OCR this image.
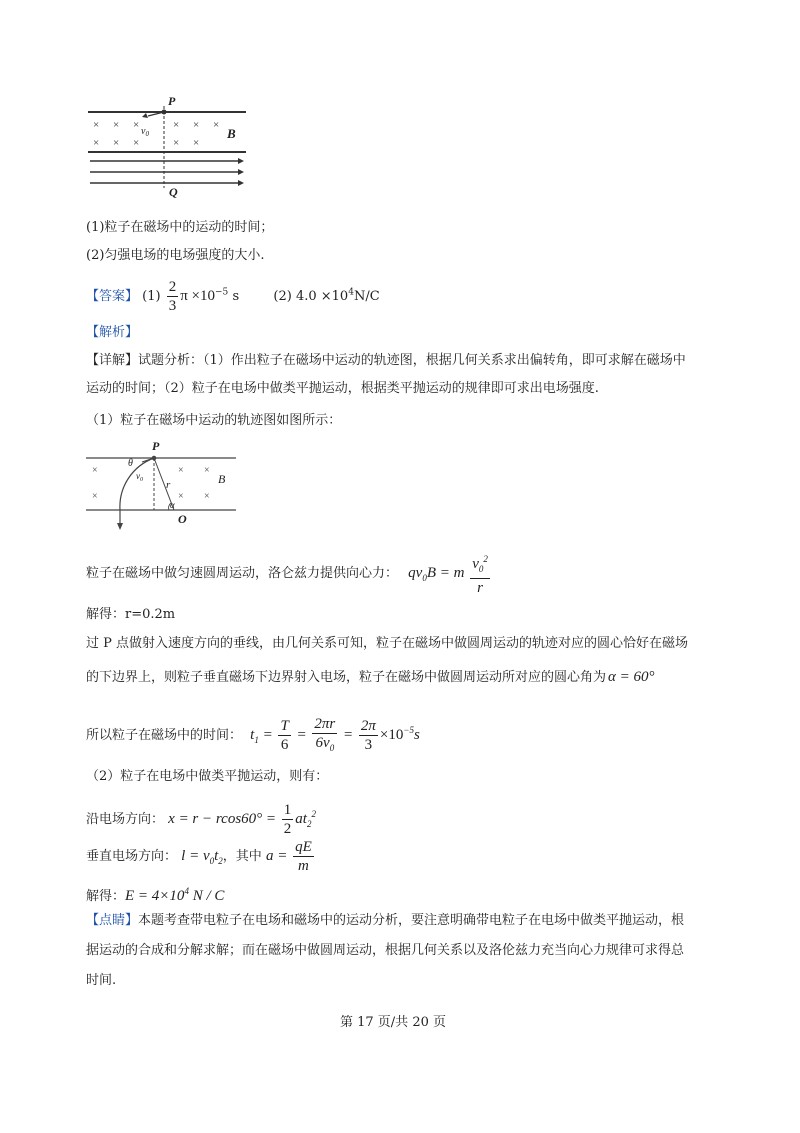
× × ×	× × ×
× × ×	× ×
P
Q
B
$v_0$
(1)粒子在磁场中的运动的时间；
(2)匀强电场的电场强度的大小.
【答案】 $(1) \frac{2}{3}$ $\pi \times 10^{-5}$ s	(2) $4.0 \times 10^4N/C$
【解析】
【详解】试题分析：（1）作出粒子在磁场中运动的轨迹图，根据几何关系求出偏转角，即可求解在磁场中
运动的时间；（2）粒子在电场中做类平抛运动，根据类平抛运动的规律即可求出电场强度.
（1）粒子在磁场中运动的轨迹图如图所示：
×	× ×
×	× ×
P
O
B
r
θ
α
$v_0$
粒子在磁场中做匀速圆周运动，洛仑兹力提供向心力： $qv_0B = m \frac{v_0^2}{r}$
解得：r=0.2m
过 P 点做射入速度方向的垂线，由几何关系可知，粒子在磁场中做圆周运动的轨迹对应的圆心恰好在磁场
的下边界上，则粒子垂直磁场下边界射入电场，粒子在磁场中做圆周运动所对应的圆心角为 α = 60°
所以粒子在磁场中的时间： $t_1 = \frac{T}{6} = \frac{2\pi r}{6v_0} = \frac{2\pi}{3} \times 10^{-5}s$
（2）粒子在电场中做类平抛运动，则有：
沿电场方向： $x = r - rcos60^\circ = \frac{1}{2} at_2^2$
垂直电场方向： $l = v_0t_2$，其中 $a = \frac{qE}{m}$
解得：$E = 4\times 10^4$ N / C
【点睛】本题考查带电粒子在电场和磁场中的运动分析，要注意明确带电粒子在电场中做类平抛运动，根
据运动的合成和分解求解；而在磁场中做圆周运动，根据几何关系以及洛伦兹力充当向心力规律可求得总
时间.
第 17 页/共 20 页
